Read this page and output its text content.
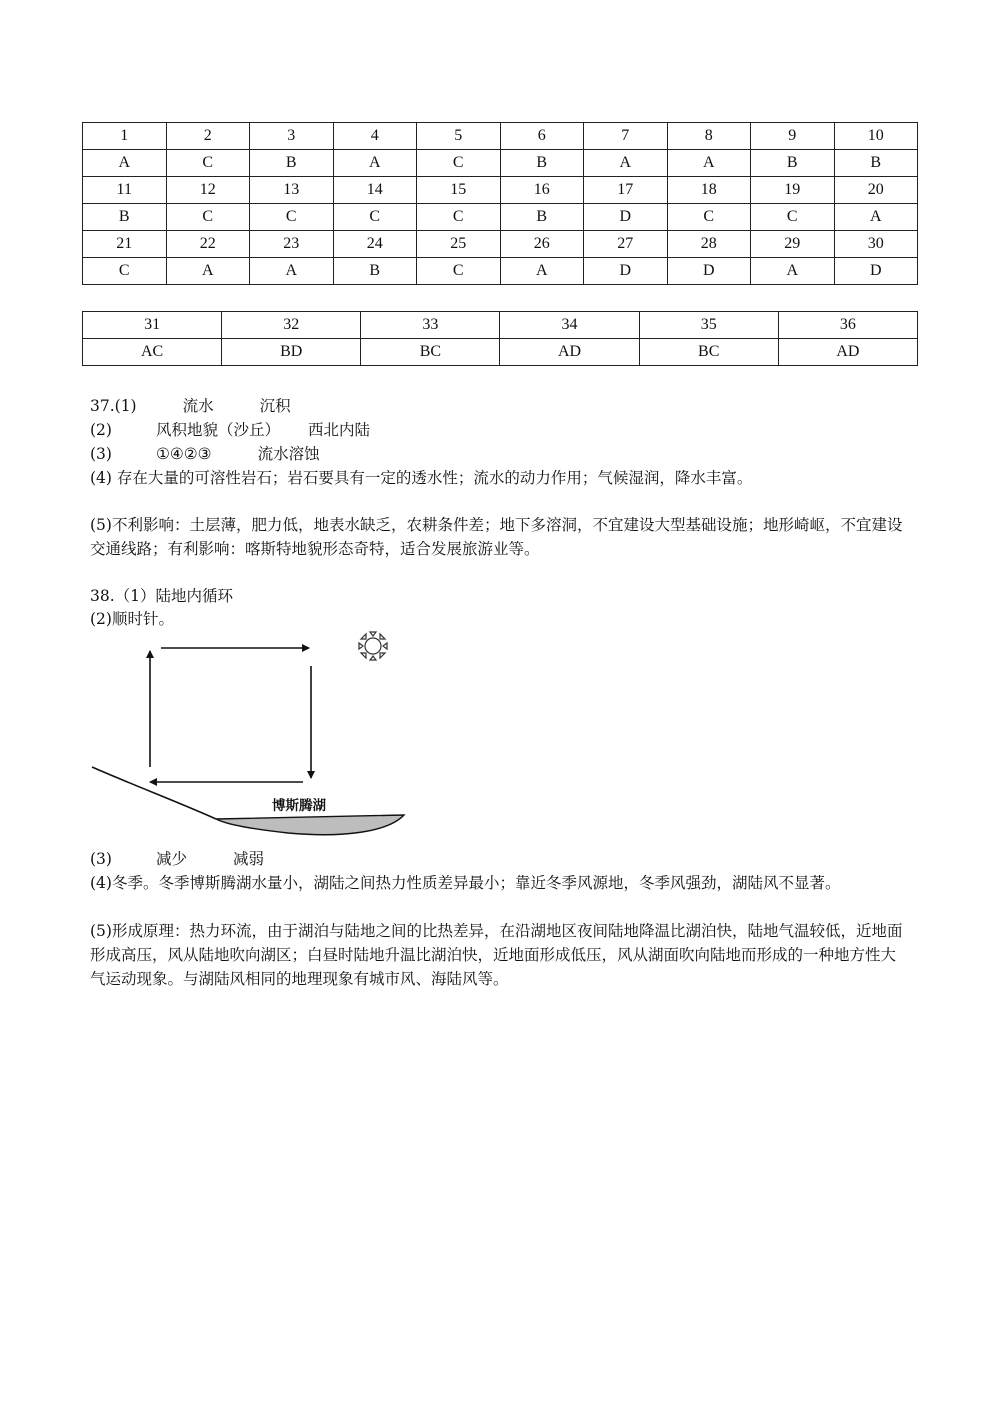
1	2	3	4	5	6	7	8	9	10
A	C	B	A	C	B	A	A	B	B
11	12	13	14	15	16	17	18	19	20
B	C	C	C	C	B	D	C	C	A
21	22	23	24	25	26	27	28	29	30
C	A	A	B	C	A	D	D	A	D
31	32	33	34	35	36
AC	BD	BC	AD	BC	AD
37.(1)	流水	沉积
(2)	风积地貌（沙丘） 西北内陆
(3)	①④②③	流水溶蚀
(4) 存在大量的可溶性岩石；岩石要具有一定的透水性；流水的动力作用；气候湿润，降水丰富。
(5)不利影响：土层薄，肥力低，地表水缺乏，农耕条件差；地下多溶洞，不宜建设大型基础设施；地形崎岖，不宜建设交通线路；有利影响：喀斯特地貌形态奇特，适合发展旅游业等。
38.（1）陆地内循环
(2)顺时针。
博斯腾湖
(3)	减少	减弱
(4)冬季。冬季博斯腾湖水量小，湖陆之间热力性质差异最小；靠近冬季风源地，冬季风强劲，湖陆风不显著。
(5)形成原理：热力环流，由于湖泊与陆地之间的比热差异，在沿湖地区夜间陆地降温比湖泊快，陆地气温较低，近地面形成高压，风从陆地吹向湖区；白昼时陆地升温比湖泊快，近地面形成低压，风从湖面吹向陆地而形成的一种地方性大气运动现象。与湖陆风相同的地理现象有城市风、海陆风等。
